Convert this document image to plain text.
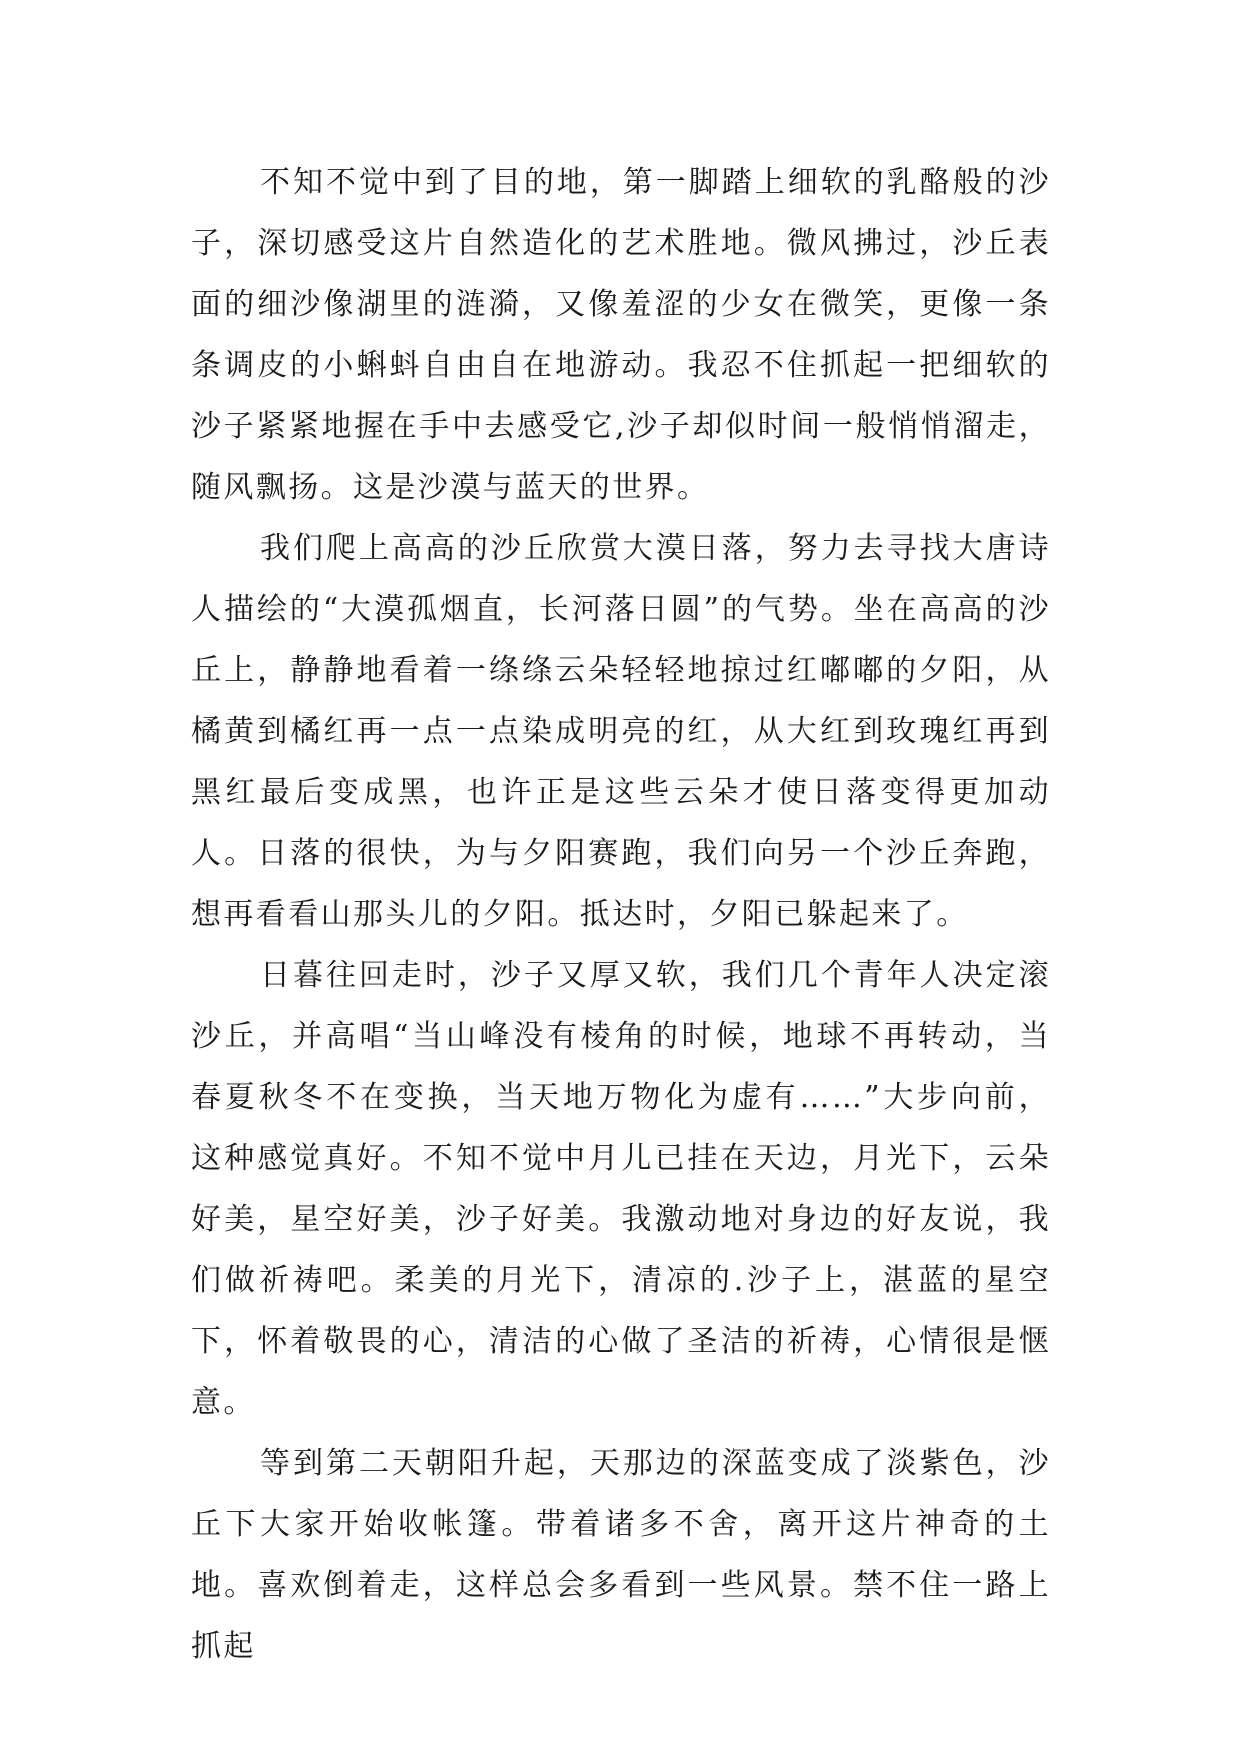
不知不觉中到了目的地，第一脚踏上细软的乳酪般的沙子，深切感受这片自然造化的艺术胜地。微风拂过，沙丘表面的细沙像湖里的涟漪，又像羞涩的少女在微笑，更像一条条调皮的小蝌蚪自由自在地游动。我忍不住抓起一把细软的沙子紧紧地握在手中去感受它,沙子却似时间一般悄悄溜走，随风飘扬。这是沙漠与蓝天的世界。

我们爬上高高的沙丘欣赏大漠日落，努力去寻找大唐诗人描绘的“大漠孤烟直，长河落日圆”的气势。坐在高高的沙丘上，静静地看着一绦绦云朵轻轻地掠过红嘟嘟的夕阳，从橘黄到橘红再一点一点染成明亮的红，从大红到玫瑰红再到黑红最后变成黑，也许正是这些云朵才使日落变得更加动人。日落的很快，为与夕阳赛跑，我们向另一个沙丘奔跑，想再看看山那头儿的夕阳。抵达时，夕阳已躲起来了。

日暮往回走时，沙子又厚又软，我们几个青年人决定滚沙丘，并高唱“当山峰没有棱角的时候，地球不再转动，当春夏秋冬不在变换，当天地万物化为虚有……”大步向前，这种感觉真好。不知不觉中月儿已挂在天边，月光下，云朵好美，星空好美，沙子好美。我激动地对身边的好友说，我们做祈祷吧。柔美的月光下，清凉的.沙子上，湛蓝的星空下，怀着敬畏的心，清洁的心做了圣洁的祈祷，心情很是惬意。

等到第二天朝阳升起，天那边的深蓝变成了淡紫色，沙丘下大家开始收帐篷。带着诸多不舍，离开这片神奇的土地。喜欢倒着走，这样总会多看到一些风景。禁不住一路上抓起
